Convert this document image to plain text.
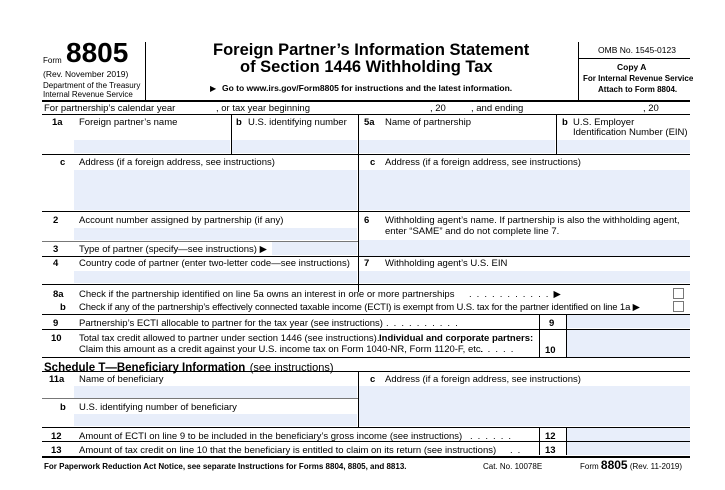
Form 8805
(Rev. November 2019)
Department of the Treasury
Internal Revenue Service
Foreign Partner’s Information Statement
of Section 1446 Withholding Tax
▶ Go to www.irs.gov/Form8805 for instructions and the latest information.
OMB No. 1545-0123
Copy A
For Internal Revenue Service
Attach to Form 8804.
For partnership’s calendar year	, or tax year beginning	, 20	, and ending	, 20
1a Foreign partner’s name	b U.S. identifying number 5a Name of partnership	b U.S. Employer
Identification Number (EIN)
c Address (if a foreign address, see instructions)	c Address (if a foreign address, see instructions)
2 Account number assigned by partnership (if any)	6 Withholding agent’s name. If partnership is also the withholding agent,
enter “SAME” and do not complete line 7.
3 Type of partner (specify—see instructions) ▶
4 Country code of partner (enter two-letter code—see instructions) 7 Withholding agent’s U.S. EIN
8a Check if the partnership identified on line 5a owns an interest in one or more partnerships . . . . . . . . . . . ▶
b Check if any of the partnership’s effectively connected taxable income (ECTI) is exempt from U.S. tax for the partner identified on line 1a ▶
9 Partnership’s ECTI allocable to partner for the tax year (see instructions) . . . . . . . . . .	9
10 Total tax credit allowed to partner under section 1446 (see instructions). Individual and corporate partners:
Claim this amount as a credit against your U.S. income tax on Form 1040-NR, Form 1120-F, etc.
. . . . .	10
Schedule T—Beneficiary Information (see instructions)
11a Name of beneficiary	c Address (if a foreign address, see instructions)
b U.S. identifying number of beneficiary
12 Amount of ECTI on line 9 to be included in the beneficiary’s gross income (see instructions) . . . . . .	12
13 Amount of tax credit on line 10 that the beneficiary is entitled to claim on its return (see instructions) . . 13
For Paperwork Reduction Act Notice, see separate Instructions for Forms 8804, 8805, and 8813.	Cat. No. 10078E	Form 8805 (Rev. 11-2019)
